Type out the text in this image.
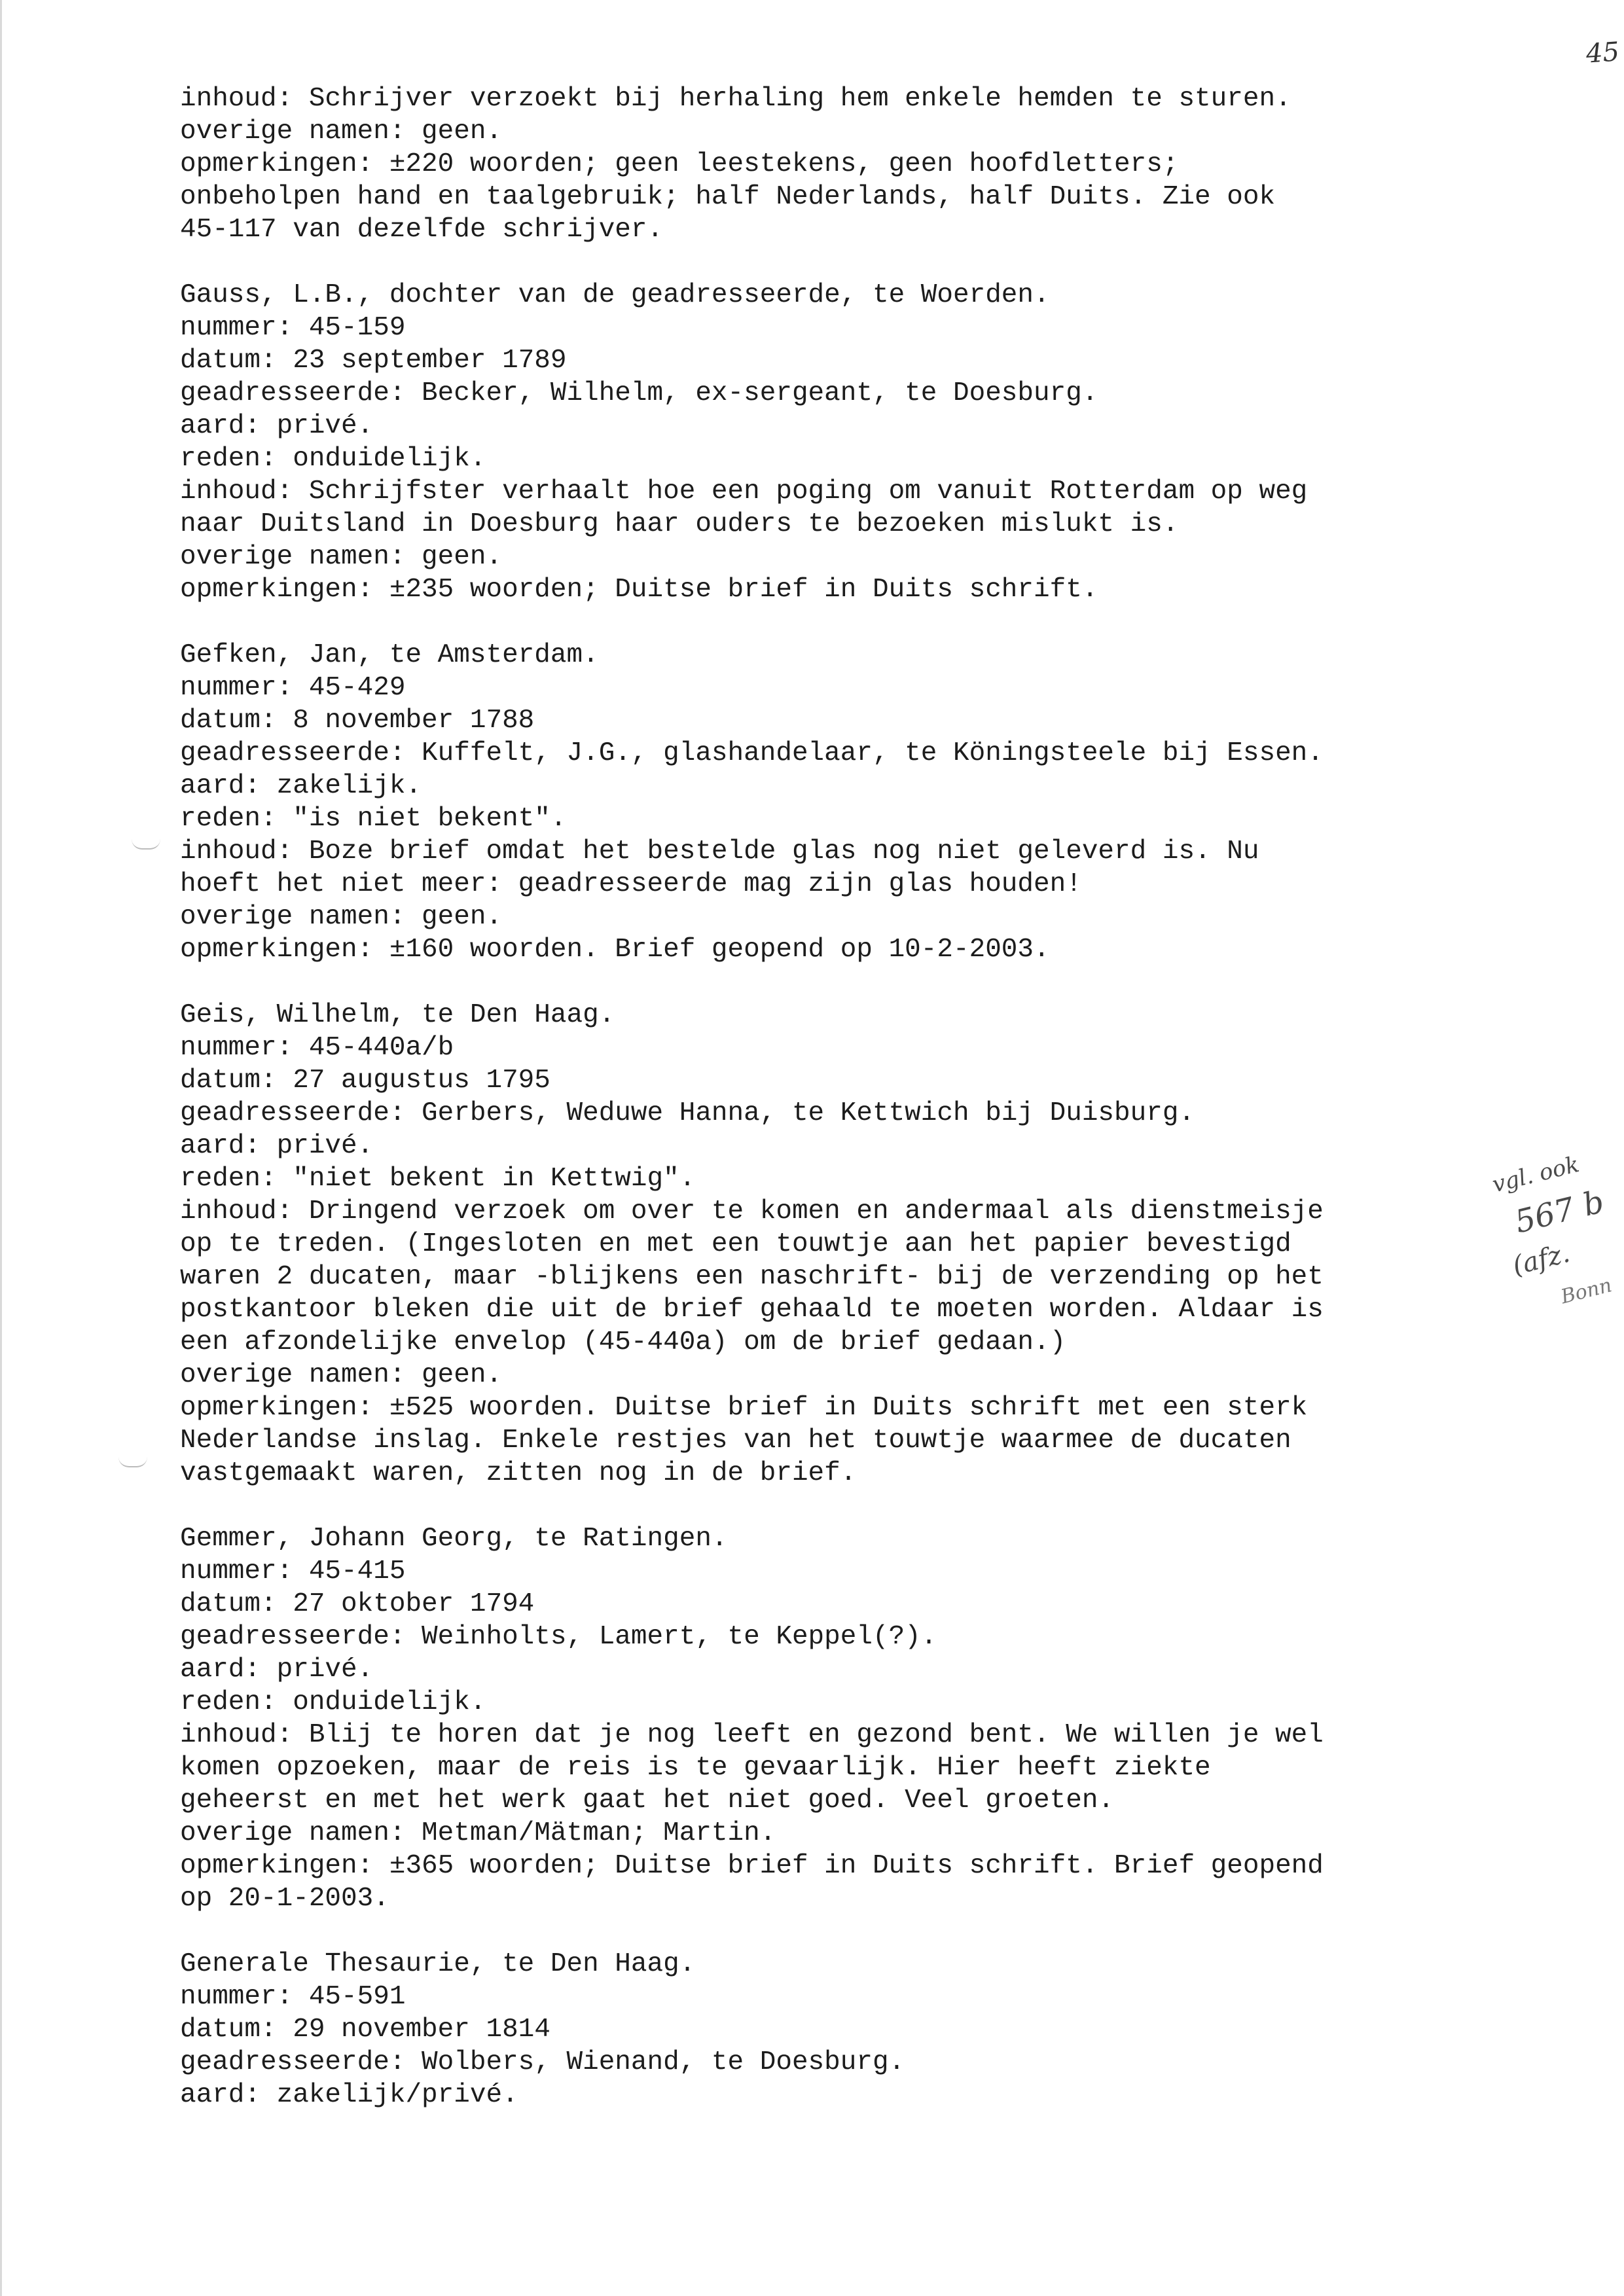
45
inhoud: Schrijver verzoekt bij herhaling hem enkele hemden te sturen.
overige namen: geen.
opmerkingen: ±220 woorden; geen leestekens, geen hoofdletters;
onbeholpen hand en taalgebruik; half Nederlands, half Duits. Zie ook
45-117 van dezelfde schrijver.
Gauss, L.B., dochter van de geadresseerde, te Woerden.
nummer: 45-159
datum: 23 september 1789
geadresseerde: Becker, Wilhelm, ex-sergeant, te Doesburg.
aard: privé.
reden: onduidelijk.
inhoud: Schrijfster verhaalt hoe een poging om vanuit Rotterdam op weg
naar Duitsland in Doesburg haar ouders te bezoeken mislukt is.
overige namen: geen.
opmerkingen: ±235 woorden; Duitse brief in Duits schrift.
Gefken, Jan, te Amsterdam.
nummer: 45-429
datum: 8 november 1788
geadresseerde: Kuffelt, J.G., glashandelaar, te Köningsteele bij Essen.
aard: zakelijk.
reden: "is niet bekent".
inhoud: Boze brief omdat het bestelde glas nog niet geleverd is. Nu
hoeft het niet meer: geadresseerde mag zijn glas houden!
overige namen: geen.
opmerkingen: ±160 woorden. Brief geopend op 10-2-2003.
Geis, Wilhelm, te Den Haag.
nummer: 45-440a/b
datum: 27 augustus 1795
geadresseerde: Gerbers, Weduwe Hanna, te Kettwich bij Duisburg.
aard: privé.
reden: "niet bekent in Kettwig".
inhoud: Dringend verzoek om over te komen en andermaal als dienstmeisje
op te treden. (Ingesloten en met een touwtje aan het papier bevestigd
waren 2 ducaten, maar -blijkens een naschrift- bij de verzending op het
postkantoor bleken die uit de brief gehaald te moeten worden. Aldaar is
een afzondelijke envelop (45-440a) om de brief gedaan.)
overige namen: geen.
opmerkingen: ±525 woorden. Duitse brief in Duits schrift met een sterk
Nederlandse inslag. Enkele restjes van het touwtje waarmee de ducaten
vastgemaakt waren, zitten nog in de brief.
Gemmer, Johann Georg, te Ratingen.
nummer: 45-415
datum: 27 oktober 1794
geadresseerde: Weinholts, Lamert, te Keppel(?).
aard: privé.
reden: onduidelijk.
inhoud: Blij te horen dat je nog leeft en gezond bent. We willen je wel
komen opzoeken, maar de reis is te gevaarlijk. Hier heeft ziekte
geheerst en met het werk gaat het niet goed. Veel groeten.
overige namen: Metman/Mätman; Martin.
opmerkingen: ±365 woorden; Duitse brief in Duits schrift. Brief geopend
op 20-1-2003.
Generale Thesaurie, te Den Haag.
nummer: 45-591
datum: 29 november 1814
geadresseerde: Wolbers, Wienand, te Doesburg.
aard: zakelijk/privé.
vgl. ook
567 b
(afz.
Bonn
